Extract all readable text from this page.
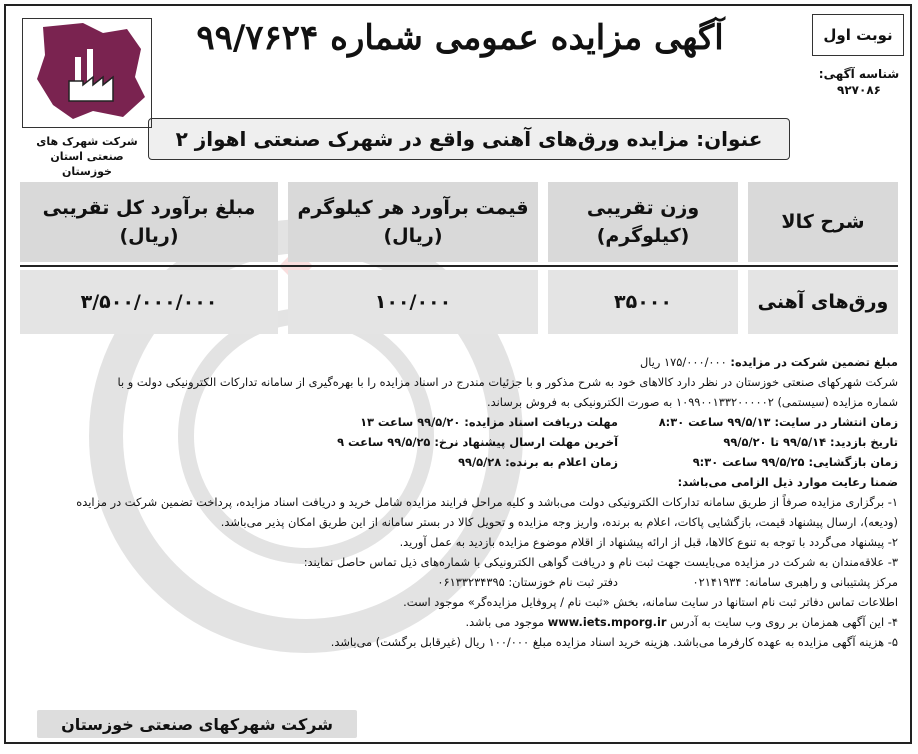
نوبت اول
شناسه آگهی:
۹۲۷۰۸۶
آگهی مزایده عمومی شماره ۹۹/۷۶۲۴
عنوان: مزایده ورق‌های آهنی واقع در شهرک صنعتی اهواز ۲
شرکت شهرک های
صنعتی استان خوزستان
شرح کالا
وزن تقریبی
(کیلوگرم)
قیمت برآورد هر کیلوگرم
(ریال)
مبلغ برآورد کل تقریبی
(ریال)
ورق‌های آهنی
۳۵۰۰۰
۱۰۰/۰۰۰
۳/۵۰۰/۰۰۰/۰۰۰
مبلغ تضمین شرکت در مزایده: ۱۷۵/۰۰۰/۰۰۰ ریال
شرکت شهرکهای صنعتی خوزستان در نظر دارد کالاهای خود به شرح مذکور و با جزئیات مندرج در اسناد مزایده را با بهره‌گیری از سامانه تدارکات الکترونیکی دولت و با
شماره مزایده (سیستمی) ۱۰۹۹۰۰۱۳۳۲۰۰۰۰۰۲ به صورت الکترونیکی به فروش برساند.
زمان انتشار در سایت: ۹۹/۵/۱۳ ساعت ۸:۳۰
مهلت دریافت اسناد مزایده: ۹۹/۵/۲۰ ساعت ۱۳
تاریخ بازدید: ۹۹/۵/۱۴ تا ۹۹/۵/۲۰
آخرین مهلت ارسال پیشنهاد نرخ: ۹۹/۵/۲۵ ساعت ۹
زمان بازگشایی: ۹۹/۵/۲۵ ساعت ۹:۳۰
زمان اعلام به برنده: ۹۹/۵/۲۸
ضمنا رعایت موارد ذیل الزامی می‌باشد:
۱- برگزاری مزایده صرفاً از طریق سامانه تدارکات الکترونیکی دولت می‌باشد و کلیه مراحل فرایند مزایده شامل خرید و دریافت اسناد مزایده، پرداخت تضمین شرکت در مزایده
(ودیعه)، ارسال پیشنهاد قیمت، بازگشایی پاکات، اعلام به برنده، واریز وجه مزایده و تحویل کالا در بستر سامانه از این طریق امکان پذیر می‌باشد.
۲- پیشنهاد می‌گردد با توجه به تنوع کالاها، قبل از ارائه پیشنهاد از اقلام موضوع مزایده بازدید به عمل آورید.
۳- علاقه‌مندان به شرکت در مزایده می‌بایست جهت ثبت نام و دریافت گواهی الکترونیکی با شماره‌های ذیل تماس حاصل نمایند:
مرکز پشتیبانی و راهبری سامانه: ۰۲۱۴۱۹۳۴
دفتر ثبت نام خوزستان: ۰۶۱۳۳۲۳۴۳۹۵
اطلاعات تماس دفاتر ثبت نام استانها در سایت سامانه، بخش «ثبت نام / پروفایل مزایده‌گر» موجود است.
۴- این آگهی همزمان بر روی وب سایت به آدرس www.iets.mporg.ir موجود می باشد.
۵- هزینه آگهی مزایده به عهده کارفرما می‌باشد. هزینه خرید اسناد مزایده مبلغ ۱۰۰/۰۰۰ ریال (غیرقابل برگشت) می‌باشد.
شرکت شهرکهای صنعتی خوزستان
